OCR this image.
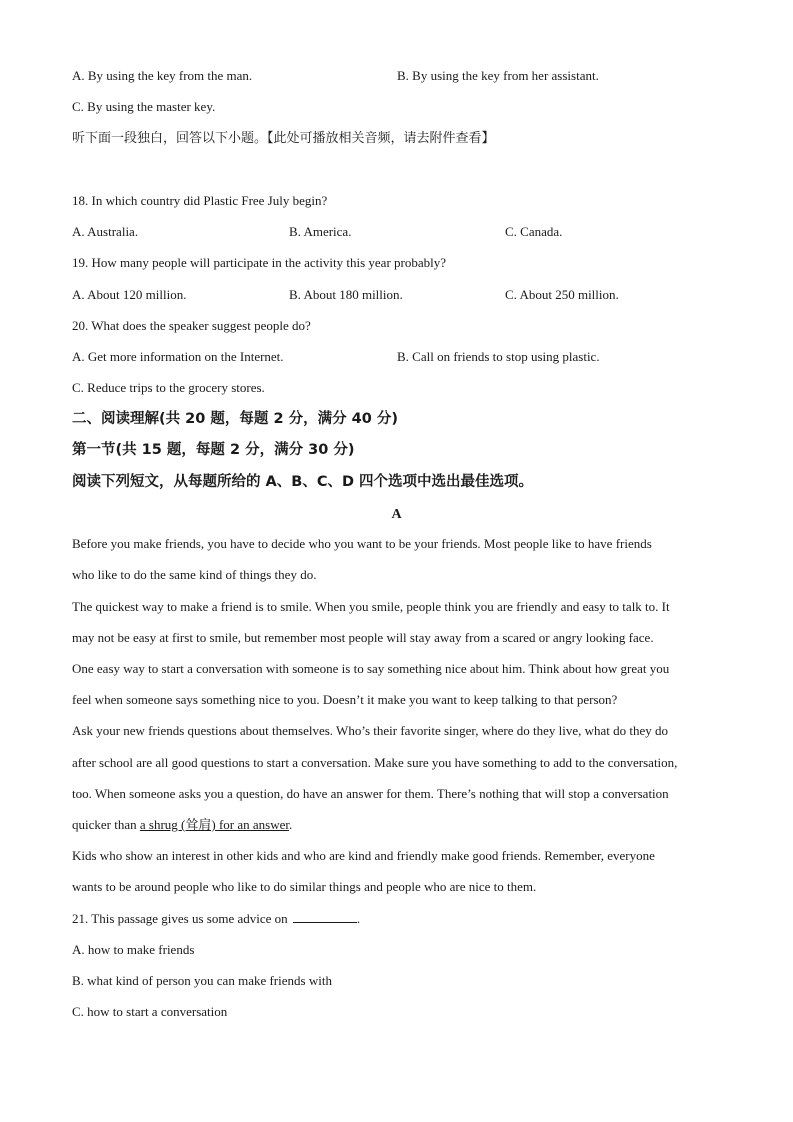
A. By using the key from the man.	B. By using the key from her assistant.
C. By using the master key.
听下面一段独白，回答以下小题。【此处可播放相关音频，请去附件查看】
18. In which country did Plastic Free July begin?
A. Australia.	B. America.	C. Canada.
19. How many people will participate in the activity this year probably?
A. About 120 million.	B. About 180 million.	C. About 250 million.
20. What does the speaker suggest people do?
A. Get more information on the Internet.	B. Call on friends to stop using plastic.
C. Reduce trips to the grocery stores.
二、阅读理解(共 20 题，每题 2 分，满分 40 分)
第一节(共 15 题，每题 2 分，满分 30 分)
阅读下列短文，从每题所给的 A、B、C、D 四个选项中选出最佳选项。
A
Before you make friends, you have to decide who you want to be your friends. Most people like to have friends
who like to do the same kind of things they do.
The quickest way to make a friend is to smile. When you smile, people think you are friendly and easy to talk to. It
may not be easy at first to smile, but remember most people will stay away from a scared or angry looking face.
One easy way to start a conversation with someone is to say something nice about him. Think about how great you
feel when someone says something nice to you. Doesn’t it make you want to keep talking to that person?
Ask your new friends questions about themselves. Who’s their favorite singer, where do they live, what do they do
after school are all good questions to start a conversation. Make sure you have something to add to the conversation,
too. When someone asks you a question, do have an answer for them. There’s nothing that will stop a conversation
quicker than a shrug (耸肩) for an answer.
Kids who show an interest in other kids and who are kind and friendly make good friends. Remember, everyone
wants to be around people who like to do similar things and people who are nice to them.
21. This passage gives us some advice on	.
A. how to make friends
B. what kind of person you can make friends with
C. how to start a conversation
